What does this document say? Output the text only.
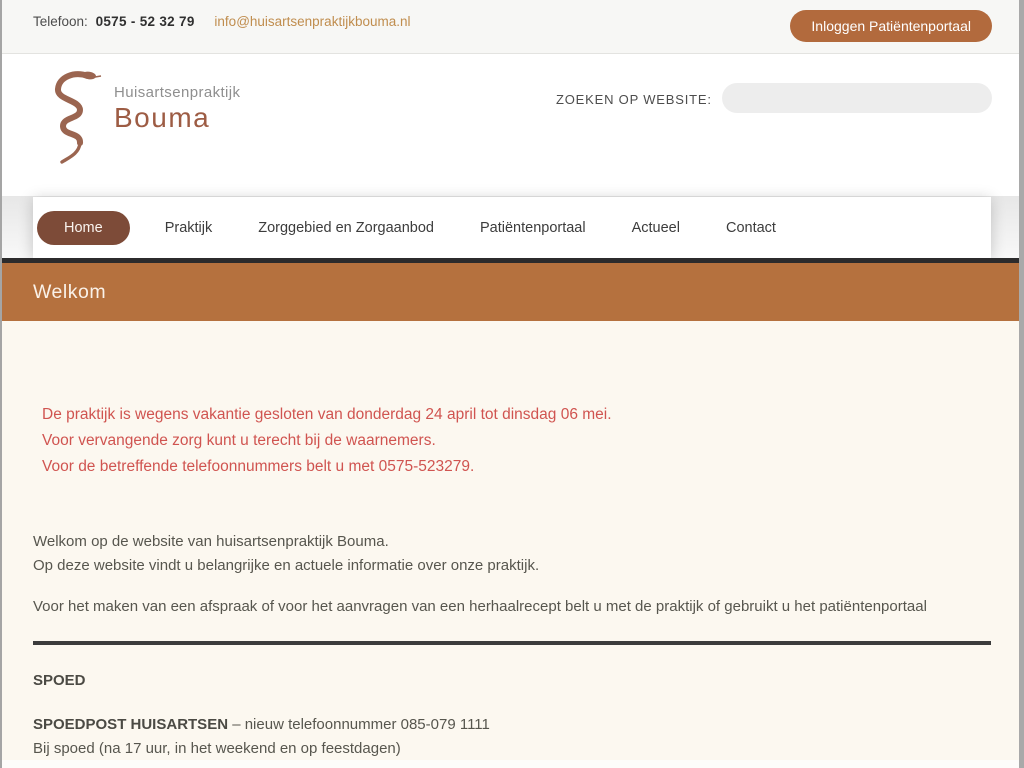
Telefoon: 0575 - 52 32 79 info@huisartsenpraktijkbouma.nl	Inloggen Patiëntenportaal
Huisartsenpraktijk
Bouma
ZOEKEN OP WEBSITE:
Home	Praktijk	Zorggebied en Zorgaanbod	Patiëntenportaal	Actueel	Contact
Welkom

De praktijk is wegens vakantie gesloten van donderdag 24 april tot dinsdag 06 mei.

Voor vervangende zorg kunt u terecht bij de waarnemers.

Voor de betreffende telefoonnummers belt u met 0575-523279.

Welkom op de website van huisartsenpraktijk Bouma.

Op deze website vindt u belangrijke en actuele informatie over onze praktijk.

Voor het maken van een afspraak of voor het aanvragen van een herhaalrecept belt u met de praktijk of gebruikt u het patiëntenportaal

SPOED

SPOEDPOST HUISARTSEN – nieuw telefoonnummer 085-079 1111

Bij spoed (na 17 uur, in het weekend en op feestdagen)
